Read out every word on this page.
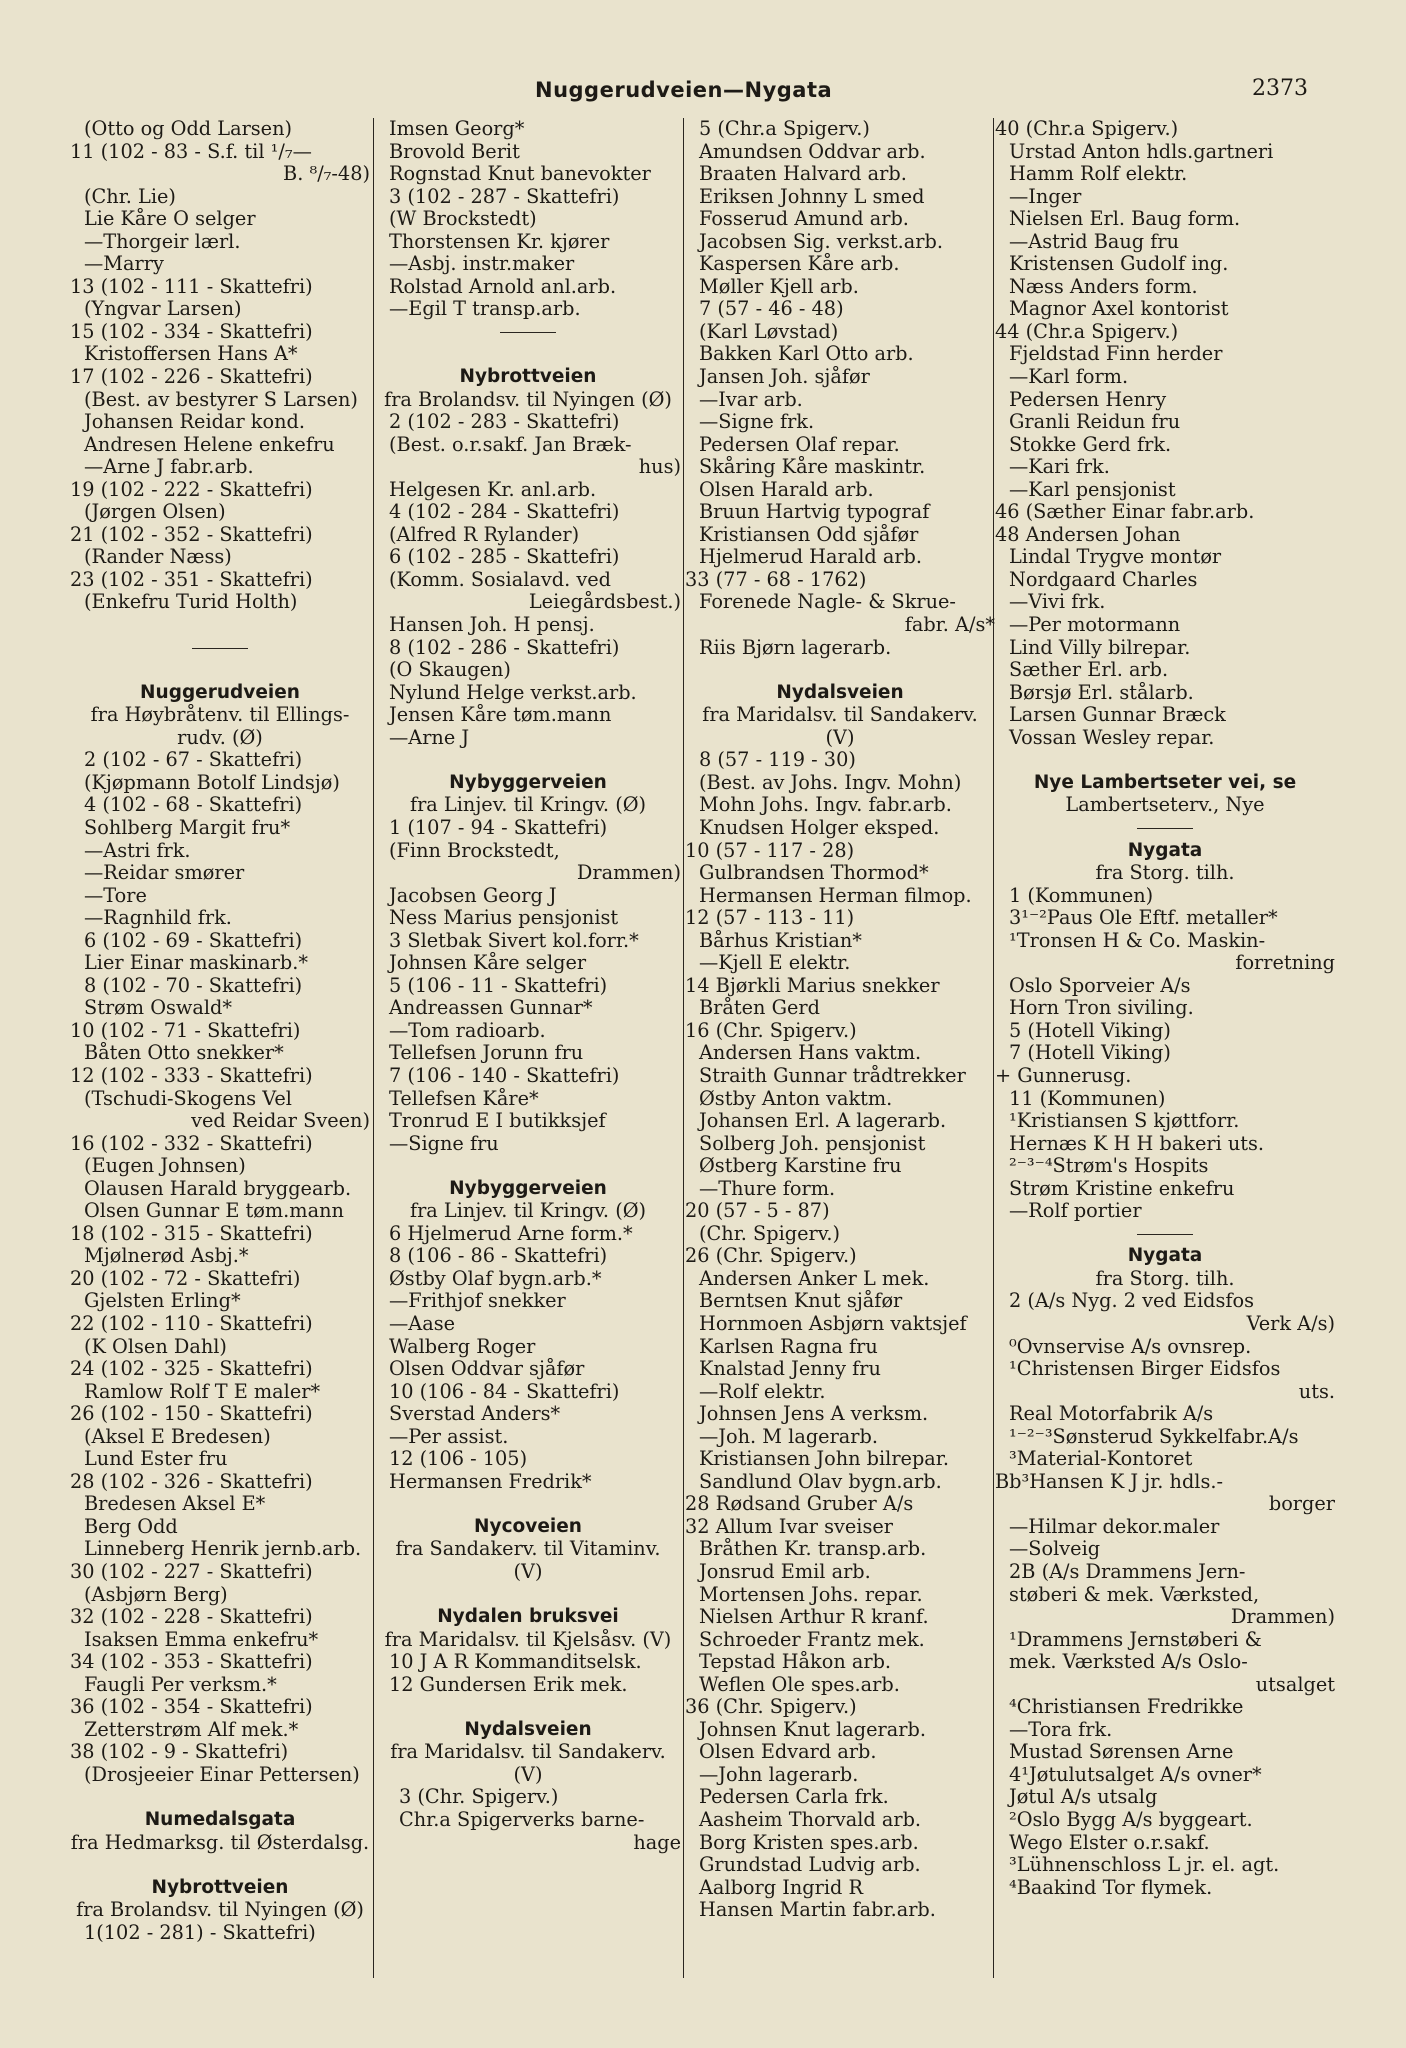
Nuggerudveien—Nygata	2373
(Otto og Odd Larsen)
11 (102 - 83 - S.f. til ¹/₇—
B. ⁸/₇-48)
(Chr. Lie)
Lie Kåre O selger
—Thorgeir lærl.
—Marry
13 (102 - 111 - Skattefri)
(Yngvar Larsen)
15 (102 - 334 - Skattefri)
Kristoffersen Hans A*
17 (102 - 226 - Skattefri)
(Best. av bestyrer S Larsen)
Johansen Reidar kond.
Andresen Helene enkefru
—Arne J fabr.arb.
19 (102 - 222 - Skattefri)
(Jørgen Olsen)
21 (102 - 352 - Skattefri)
(Rander Næss)
23 (102 - 351 - Skattefri)
(Enkefru Turid Holth)
Nuggerudveien
fra Høybråtenv. til Ellings-
rudv. (Ø)
2 (102 - 67 - Skattefri)
(Kjøpmann Botolf Lindsjø)
4 (102 - 68 - Skattefri)
Sohlberg Margit fru*
—Astri frk.
—Reidar smører
—Tore
—Ragnhild frk.
6 (102 - 69 - Skattefri)
Lier Einar maskinarb.*
8 (102 - 70 - Skattefri)
Strøm Oswald*
10 (102 - 71 - Skattefri)
Båten Otto snekker*
12 (102 - 333 - Skattefri)
(Tschudi-Skogens Vel
ved Reidar Sveen)
16 (102 - 332 - Skattefri)
(Eugen Johnsen)
Olausen Harald bryggearb.
Olsen Gunnar E tøm.mann
18 (102 - 315 - Skattefri)
Mjølnerød Asbj.*
20 (102 - 72 - Skattefri)
Gjelsten Erling*
22 (102 - 110 - Skattefri)
(K Olsen Dahl)
24 (102 - 325 - Skattefri)
Ramlow Rolf T E maler*
26 (102 - 150 - Skattefri)
(Aksel E Bredesen)
Lund Ester fru
28 (102 - 326 - Skattefri)
Bredesen Aksel E*
Berg Odd
Linneberg Henrik jernb.arb.
30 (102 - 227 - Skattefri)
(Asbjørn Berg)
32 (102 - 228 - Skattefri)
Isaksen Emma enkefru*
34 (102 - 353 - Skattefri)
Faugli Per verksm.*
36 (102 - 354 - Skattefri)
Zetterstrøm Alf mek.*
38 (102 - 9 - Skattefri)
(Drosjeeier Einar Pettersen)
Numedalsgata
fra Hedmarksg. til Østerdalsg.
Nybrottveien
fra Brolandsv. til Nyingen (Ø)
1(102 - 281) - Skattefri)
Imsen Georg*
Brovold Berit
Rognstad Knut banevokter
3 (102 - 287 - Skattefri)
(W Brockstedt)
Thorstensen Kr. kjører
—Asbj. instr.maker
Rolstad Arnold anl.arb.
—Egil T transp.arb.
Nybrottveien
fra Brolandsv. til Nyingen (Ø)
2 (102 - 283 - Skattefri)
(Best. o.r.sakf. Jan Bræk-
hus)
Helgesen Kr. anl.arb.
4 (102 - 284 - Skattefri)
(Alfred R Rylander)
6 (102 - 285 - Skattefri)
(Komm. Sosialavd. ved
Leiegårdsbest.)
Hansen Joh. H pensj.
8 (102 - 286 - Skattefri)
(O Skaugen)
Nylund Helge verkst.arb.
Jensen Kåre tøm.mann
—Arne J
Nybyggerveien
fra Linjev. til Kringv. (Ø)
1 (107 - 94 - Skattefri)
(Finn Brockstedt,
Drammen)
Jacobsen Georg J
Ness Marius pensjonist
3 Sletbak Sivert kol.forr.*
Johnsen Kåre selger
5 (106 - 11 - Skattefri)
Andreassen Gunnar*
—Tom radioarb.
Tellefsen Jorunn fru
7 (106 - 140 - Skattefri)
Tellefsen Kåre*
Tronrud E I butikksjef
—Signe fru
Nybyggerveien
fra Linjev. til Kringv. (Ø)
6 Hjelmerud Arne form.*
8 (106 - 86 - Skattefri)
Østby Olaf bygn.arb.*
—Frithjof snekker
—Aase
Walberg Roger
Olsen Oddvar sjåfør
10 (106 - 84 - Skattefri)
Sverstad Anders*
—Per assist.
12 (106 - 105)
Hermansen Fredrik*
Nycoveien
fra Sandakerv. til Vitaminv.
(V)
Nydalen bruksvei
fra Maridalsv. til Kjelsåsv. (V)
10 J A R Kommanditselsk.
12 Gundersen Erik mek.
Nydalsveien
fra Maridalsv. til Sandakerv.
(V)
3 (Chr. Spigerv.)
Chr.a Spigerverks barne-
hage
5 (Chr.a Spigerv.)
Amundsen Oddvar arb.
Braaten Halvard arb.
Eriksen Johnny L smed
Fosserud Amund arb.
Jacobsen Sig. verkst.arb.
Kaspersen Kåre arb.
Møller Kjell arb.
7 (57 - 46 - 48)
(Karl Løvstad)
Bakken Karl Otto arb.
Jansen Joh. sjåfør
—Ivar arb.
—Signe frk.
Pedersen Olaf repar.
Skåring Kåre maskintr.
Olsen Harald arb.
Bruun Hartvig typograf
Kristiansen Odd sjåfør
Hjelmerud Harald arb.
33 (77 - 68 - 1762)
Forenede Nagle- & Skrue-
fabr. A/s*
Riis Bjørn lagerarb.
Nydalsveien
fra Maridalsv. til Sandakerv.
(V)
8 (57 - 119 - 30)
(Best. av Johs. Ingv. Mohn)
Mohn Johs. Ingv. fabr.arb.
Knudsen Holger eksped.
10 (57 - 117 - 28)
Gulbrandsen Thormod*
Hermansen Herman filmop.
12 (57 - 113 - 11)
Bårhus Kristian*
—Kjell E elektr.
14 Bjørkli Marius snekker
Bråten Gerd
16 (Chr. Spigerv.)
Andersen Hans vaktm.
Straith Gunnar trådtrekker
Østby Anton vaktm.
Johansen Erl. A lagerarb.
Solberg Joh. pensjonist
Østberg Karstine fru
—Thure form.
20 (57 - 5 - 87)
(Chr. Spigerv.)
26 (Chr. Spigerv.)
Andersen Anker L mek.
Berntsen Knut sjåfør
Hornmoen Asbjørn vaktsjef
Karlsen Ragna fru
Knalstad Jenny fru
—Rolf elektr.
Johnsen Jens A verksm.
—Joh. M lagerarb.
Kristiansen John bilrepar.
Sandlund Olav bygn.arb.
28 Rødsand Gruber A/s
32 Allum Ivar sveiser
Bråthen Kr. transp.arb.
Jonsrud Emil arb.
Mortensen Johs. repar.
Nielsen Arthur R kranf.
Schroeder Frantz mek.
Tepstad Håkon arb.
Weflen Ole spes.arb.
36 (Chr. Spigerv.)
Johnsen Knut lagerarb.
Olsen Edvard arb.
—John lagerarb.
Pedersen Carla frk.
Aasheim Thorvald arb.
Borg Kristen spes.arb.
Grundstad Ludvig arb.
Aalborg Ingrid R
Hansen Martin fabr.arb.
40 (Chr.a Spigerv.)
Urstad Anton hdls.gartneri
Hamm Rolf elektr.
—Inger
Nielsen Erl. Baug form.
—Astrid Baug fru
Kristensen Gudolf ing.
Næss Anders form.
Magnor Axel kontorist
44 (Chr.a Spigerv.)
Fjeldstad Finn herder
—Karl form.
Pedersen Henry
Granli Reidun fru
Stokke Gerd frk.
—Kari frk.
—Karl pensjonist
46 (Sæther Einar fabr.arb.
48 Andersen Johan
Lindal Trygve montør
Nordgaard Charles
—Vivi frk.
—Per motormann
Lind Villy bilrepar.
Sæther Erl. arb.
Børsjø Erl. stålarb.
Larsen Gunnar Bræck
Vossan Wesley repar.
Nye Lambertseter vei, se
Lambertseterv., Nye
Nygata
fra Storg. tilh.
1 (Kommunen)
3¹⁻²Paus Ole Eftf. metaller*
¹Tronsen H & Co. Maskin-
forretning
Oslo Sporveier A/s
Horn Tron siviling.
5 (Hotell Viking)
7 (Hotell Viking)
+ Gunnerusg.
11 (Kommunen)
¹Kristiansen S kjøttforr.
Hernæs K H H bakeri uts.
²⁻³⁻⁴Strøm's Hospits
Strøm Kristine enkefru
—Rolf portier
Nygata
fra Storg. tilh.
2 (A/s Nyg. 2 ved Eidsfos
Verk A/s)
⁰Ovnservise A/s ovnsrep.
¹Christensen Birger Eidsfos
uts.
Real Motorfabrik A/s
¹⁻²⁻³Sønsterud Sykkelfabr.A/s
³Material-Kontoret
Bb³Hansen K J jr. hdls.-
borger
—Hilmar dekor.maler
—Solveig
2B (A/s Drammens Jern-
støberi & mek. Værksted,
Drammen)
¹Drammens Jernstøberi &
mek. Værksted A/s Oslo-
utsalget
⁴Christiansen Fredrikke
—Tora frk.
Mustad Sørensen Arne
4¹Jøtulutsalget A/s ovner*
Jøtul A/s utsalg
²Oslo Bygg A/s byggeart.
Wego Elster o.r.sakf.
³Lühnenschloss L jr. el. agt.
⁴Baakind Tor flymek.
